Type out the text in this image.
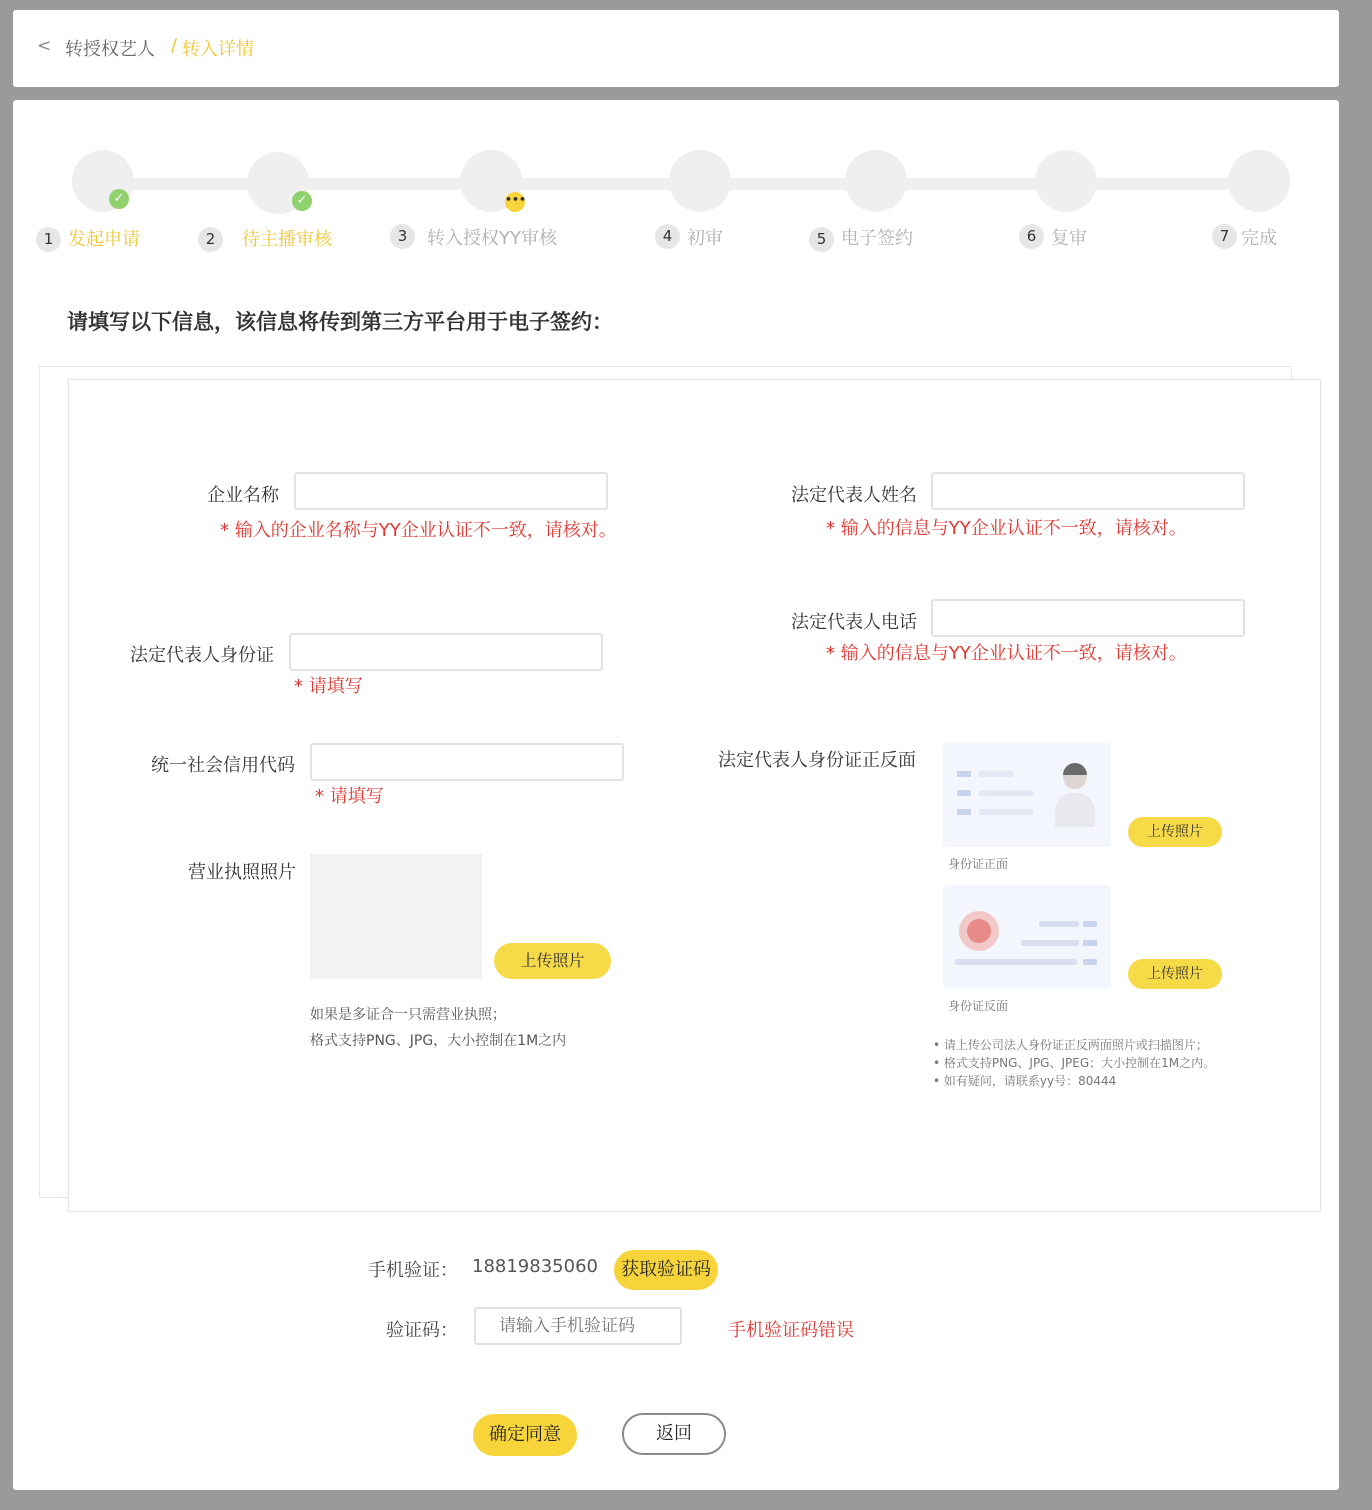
< 转授权艺人 / 转入详情
✓
1 发起申请
✓
2	待主播审核
•••
3	转入授权YY审核	4 初审	5 电子签约	6 复审	7 完成
请填写以下信息，该信息将传到第三方平台用于电子签约：
企业名称
* 输入的企业名称与YY企业认证不一致，请核对。
法定代表人身份证
* 请填写
统一社会信用代码
* 请填写
营业执照照片
上传照片
如果是多证合一只需营业执照；
格式支持PNG、JPG，大小控制在1M之内
法定代表人姓名
* 输入的信息与YY企业认证不一致，请核对。
法定代表人电话
* 输入的信息与YY企业认证不一致，请核对。
法定代表人身份证正反面
上传照片
身份证正面
上传照片
身份证反面
• 请上传公司法人身份证正反两面照片或扫描图片；
• 格式支持PNG、JPG、JPEG；大小控制在1M之内。
• 如有疑问，请联系yy号：80444
手机验证： 18819835060	获取验证码
验证码：
请输入手机验证码	手机验证码错误
确定同意	返回
